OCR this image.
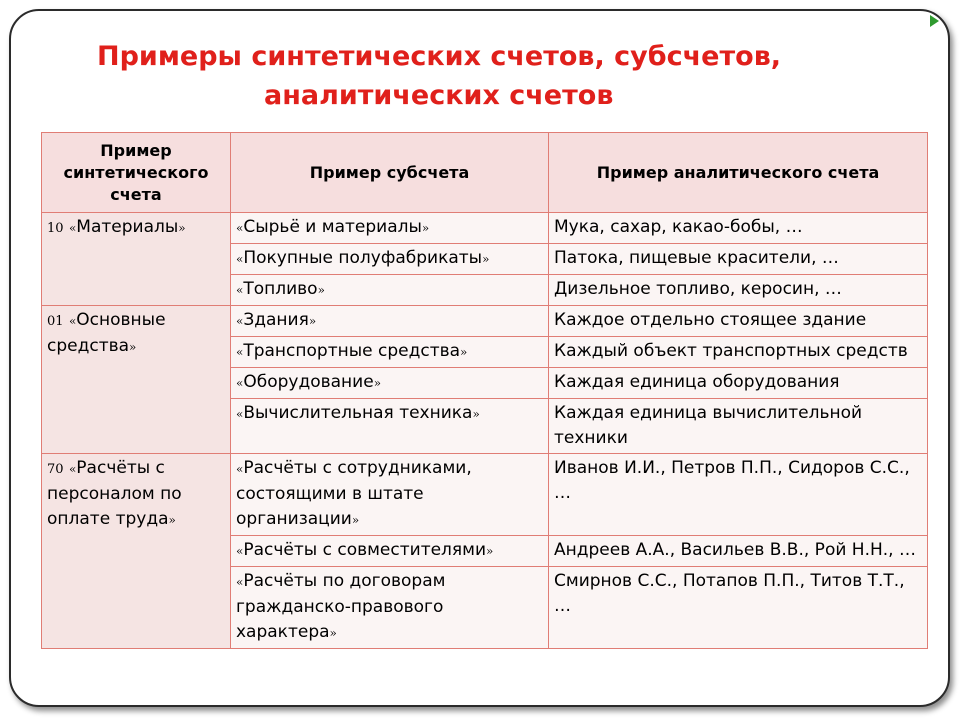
Примеры синтетических счетов, субсчетов,
аналитических счетов
Пример синтетического счета	Пример субсчета	Пример аналитического счета
10 «Материалы»	«Сырьё и материалы»	Мука, сахар, какао-бобы, …
	«Покупные полуфабрикаты»	Патока, пищевые красители, …
	«Топливо»	Дизельное топливо, керосин, …
01 «Основные средства»	«Здания»	Каждое отдельно стоящее здание
	«Транспортные средства»	Каждый объект транспортных средств
	«Оборудование»	Каждая единица оборудования
	«Вычислительная техника»	Каждая единица вычислительной техники
70 «Расчёты с персоналом по оплате труда»	«Расчёты с сотрудниками, состоящими в штате организации»	Иванов И.И., Петров П.П., Сидоров С.С., …
	«Расчёты с совместителями»	Андреев А.А., Васильев В.В., Рой Н.Н., …
	«Расчёты по договорам гражданско-правового характера»	Смирнов С.С., Потапов П.П., Титов Т.Т., …
